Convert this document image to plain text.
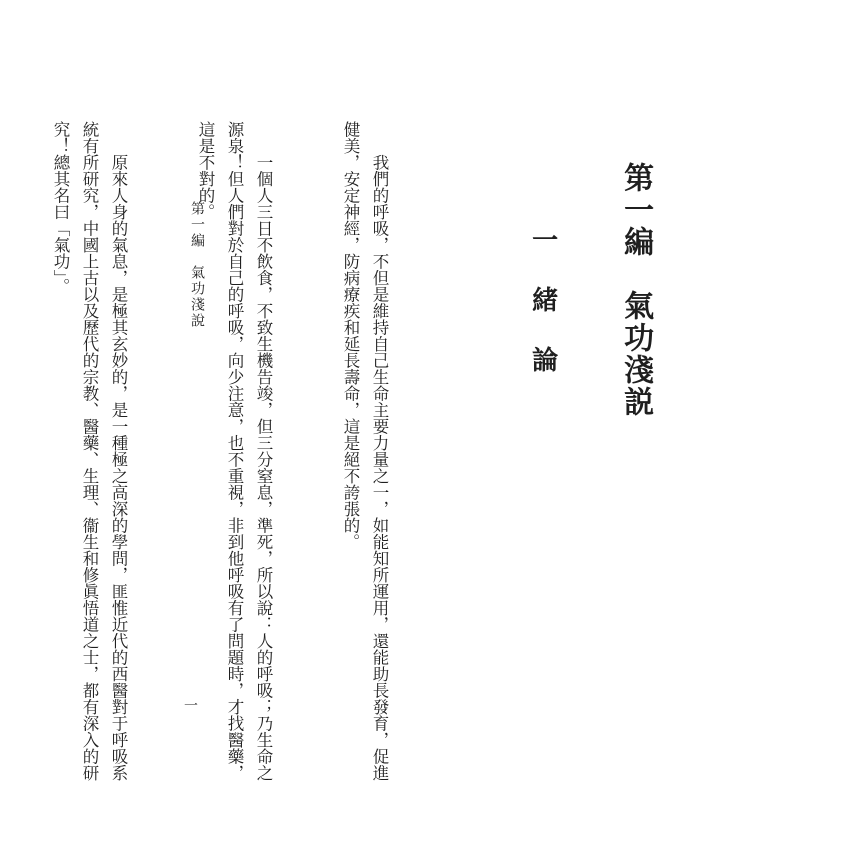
第一編　氣功淺説
一　緒　論

我們的呼吸，不但是維持自己生命主要力量之一，如能知所運用，還能助長發育，促進健美，安定神經，防病療疾和延長壽命，這是絕不誇張的。

一個人三日不飲食，不致生機告竣，但三分窒息，準死，所以說：人的呼吸；乃生命之源泉！但人們對於自己的呼吸，向少注意，也不重視，非到他呼吸有了問題時，才找醫藥，這是不對的。

原來人身的氣息，是極其玄妙的，是一種極之高深的學問，匪惟近代的西醫對于呼吸系統有所研究，中國上古以及歷代的宗教、醫藥、生理、衞生和修眞悟道之士，都有深入的研究！總其名曰「氣功」。

	第一編　氣功淺說
一
